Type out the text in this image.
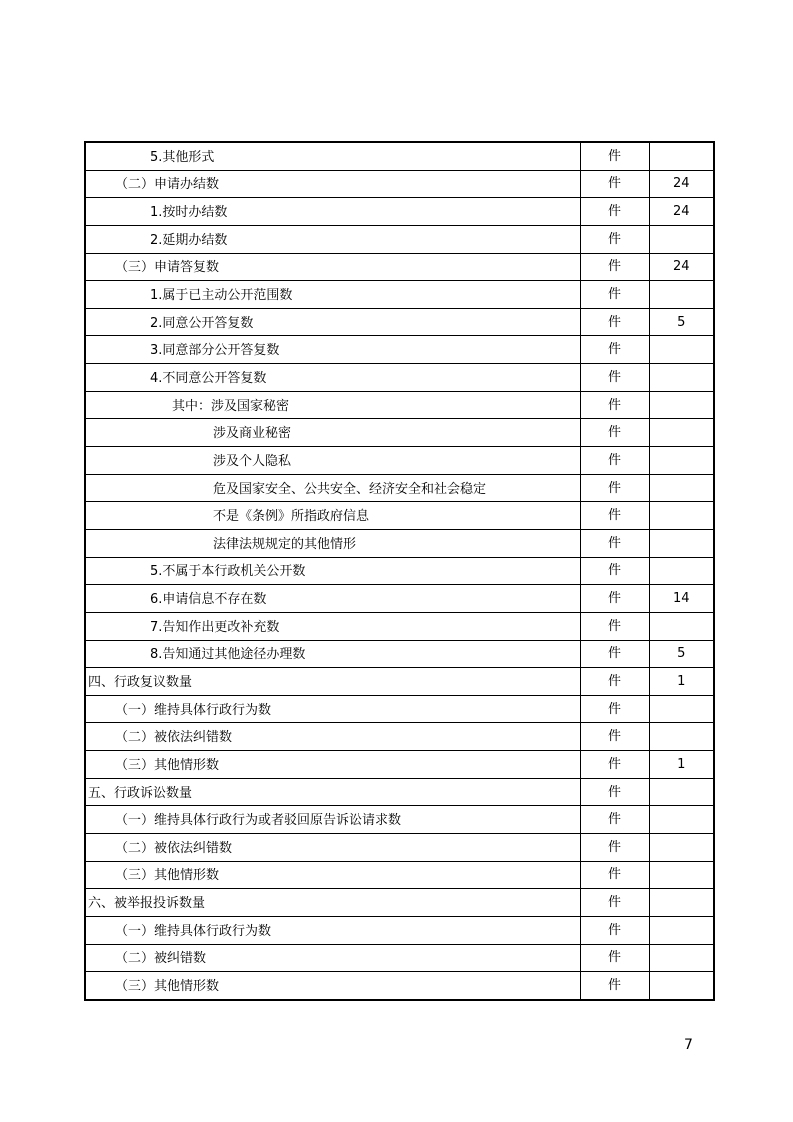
5.其他形式	件	

（二）申请办结数	件	24

1.按时办结数	件	24

2.延期办结数	件	

（三）申请答复数	件	24

1.属于已主动公开范围数	件	

2.同意公开答复数	件	5

3.同意部分公开答复数	件	

4.不同意公开答复数	件	

其中：涉及国家秘密	件	

涉及商业秘密	件	

涉及个人隐私	件	

危及国家安全、公共安全、经济安全和社会稳定	件	

不是《条例》所指政府信息	件	

法律法规规定的其他情形	件	

5.不属于本行政机关公开数	件	

6.申请信息不存在数	件	14

7.告知作出更改补充数	件	

8.告知通过其他途径办理数	件	5

四、行政复议数量	件	1

（一）维持具体行政行为数	件	

（二）被依法纠错数	件	

（三）其他情形数	件	1

五、行政诉讼数量	件	

（一）维持具体行政行为或者驳回原告诉讼请求数	件	

（二）被依法纠错数	件	

（三）其他情形数	件	

六、被举报投诉数量	件	

（一）维持具体行政行为数	件	

（二）被纠错数	件	

（三）其他情形数	件	
7
